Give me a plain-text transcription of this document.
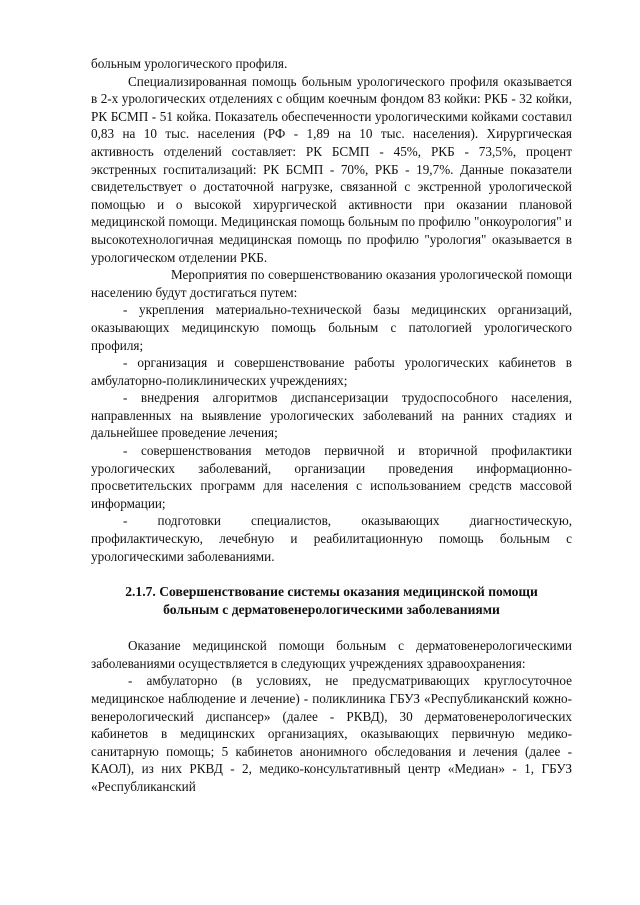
больным урологического профиля.

Специализированная помощь больным урологического профиля оказывается в 2-х урологических отделениях с общим коечным фондом 83 койки: РКБ - 32 койки, РК БСМП - 51 койка. Показатель обеспеченности урологическими койками составил 0,83 на 10 тыс. населения (РФ - 1,89 на 10 тыс. населения). Хирургическая активность отделений составляет: РК БСМП - 45%, РКБ - 73,5%, процент экстренных госпитализаций: РК БСМП - 70%, РКБ - 19,7%. Данные показатели свидетельствует о достаточной нагрузке, связанной с экстренной урологической помощью и о высокой хирургической активности при оказании плановой медицинской помощи. Медицинская помощь больным по профилю "онкоурология" и высокотехнологичная медицинская помощь по профилю "урология" оказывается в урологическом отделении РКБ.

Мероприятия по совершенствованию оказания урологической помощи населению будут достигаться путем:

- укрепления материально-технической базы медицинских организаций, оказывающих медицинскую помощь больным с патологией урологического профиля;

- организация и совершенствование работы урологических кабинетов в амбулаторно-поликлинических учреждениях;

- внедрения алгоритмов диспансеризации трудоспособного населения, направленных на выявление урологических заболеваний на ранних стадиях и дальнейшее проведение лечения;

- совершенствования методов первичной и вторичной профилактики урологических заболеваний, организации проведения информационно-просветительских программ для населения с использованием средств массовой информации;

- подготовки специалистов, оказывающих диагностическую, профилактическую, лечебную и реабилитационную помощь больным с урологическими заболеваниями.

2.1.7. Совершенствование системы оказания медицинской помощи
больным с дерматовенерологическими заболеваниями

Оказание медицинской помощи больным с дерматовенерологическими заболеваниями осуществляется в следующих учреждениях здравоохранения:

- амбулаторно (в условиях, не предусматривающих круглосуточное медицинское наблюдение и лечение) - поликлиника ГБУЗ «Республиканский кожно-венерологический диспансер» (далее - РКВД), 30 дерматовенерологических кабинетов в медицинских организациях, оказывающих первичную медико-санитарную помощь; 5 кабинетов анонимного обследования и лечения (далее - КАОЛ), из них РКВД - 2, медико-консультативный центр «Медиан» - 1, ГБУЗ «Республиканский
